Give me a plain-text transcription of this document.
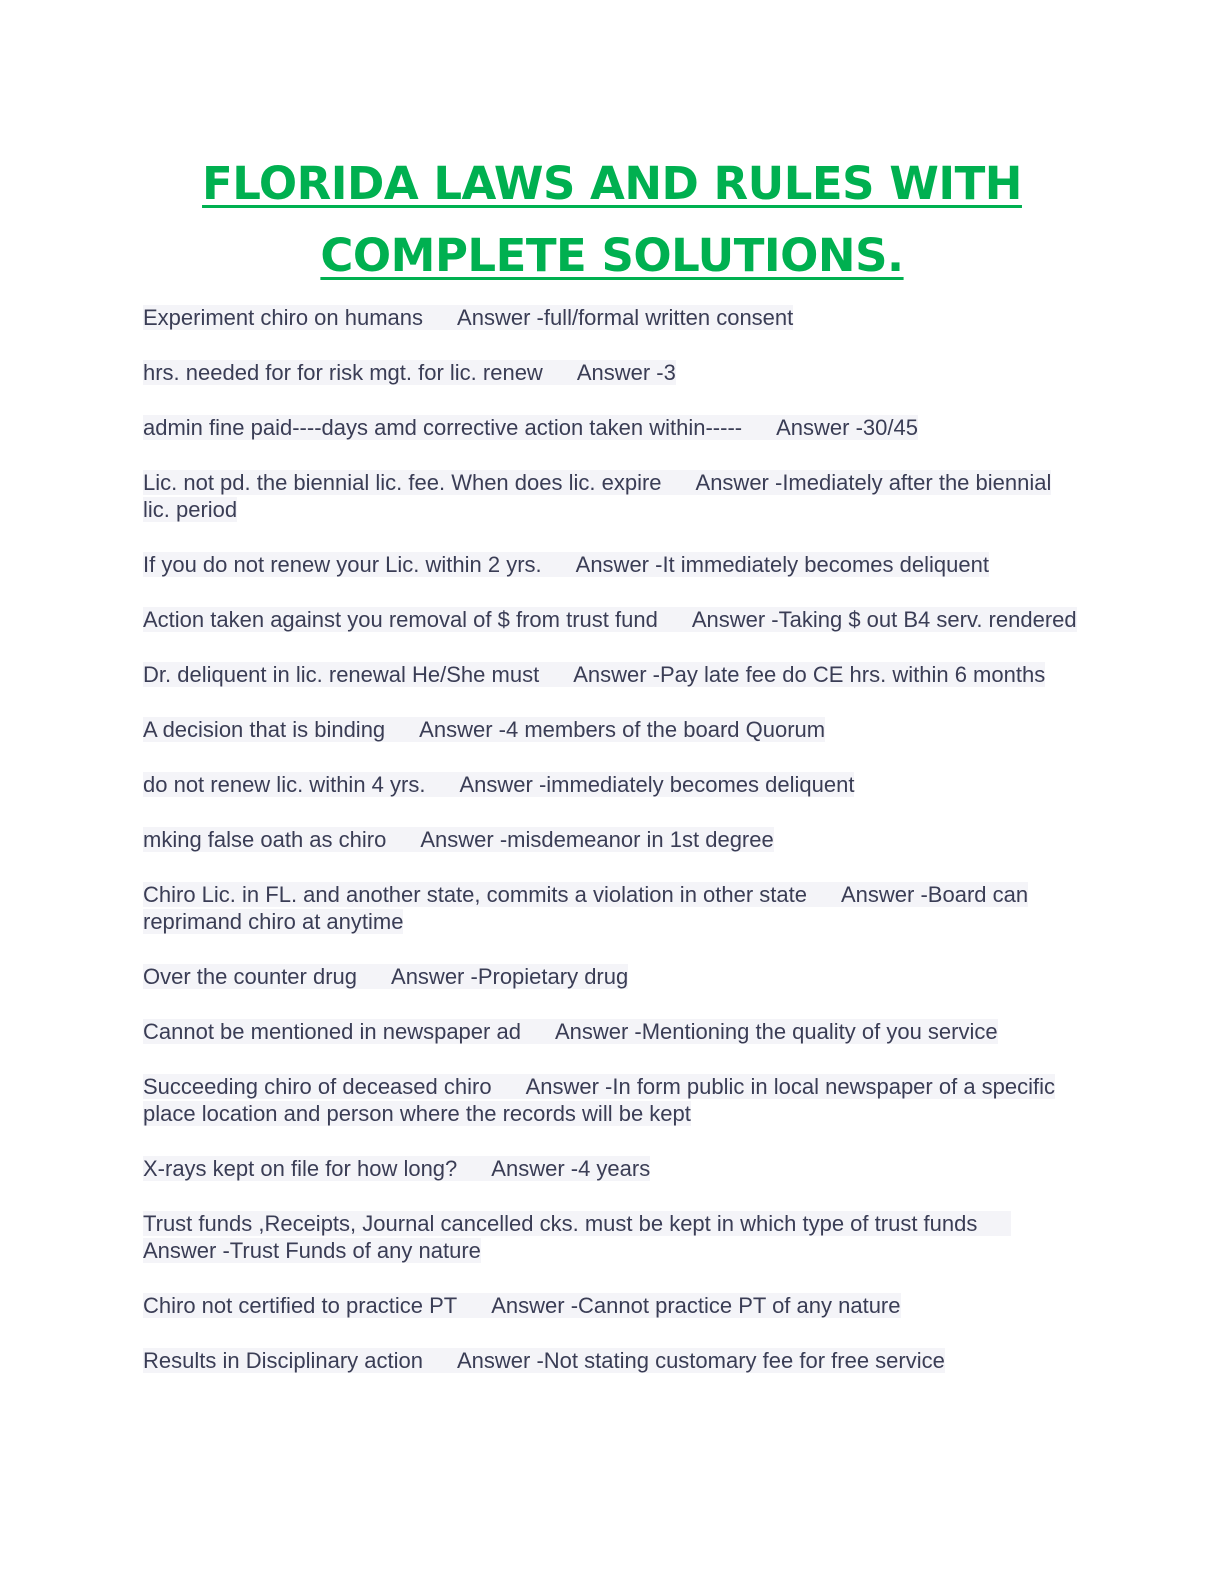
FLORIDA LAWS AND RULES WITH
COMPLETE SOLUTIONS.

Experiment chiro on humans Answer -full/formal written consent

hrs. needed for for risk mgt. for lic. renew Answer -3

admin fine paid----days amd corrective action taken within----- Answer -30/45

Lic. not pd. the biennial lic. fee. When does lic. expire Answer -Imediately after the biennial lic. period

If you do not renew your Lic. within 2 yrs. Answer -It immediately becomes deliquent

Action taken against you removal of $ from trust fund Answer -Taking $ out B4 serv. rendered

Dr. deliquent in lic. renewal He/She must Answer -Pay late fee do CE hrs. within 6 months

A decision that is binding Answer -4 members of the board Quorum

do not renew lic. within 4 yrs. Answer -immediately becomes deliquent

mking false oath as chiro Answer -misdemeanor in 1st degree

Chiro Lic. in FL. and another state, commits a violation in other state Answer -Board can reprimand chiro at anytime

Over the counter drug Answer -Propietary drug

Cannot be mentioned in newspaper ad Answer -Mentioning the quality of you service

Succeeding chiro of deceased chiro Answer -In form public in local newspaper of a specific place location and person where the records will be kept

X-rays kept on file for how long? Answer -4 years

Trust funds ,Receipts, Journal cancelled cks. must be kept in which type of trust fundsAnswer -Trust Funds of any nature

Chiro not certified to practice PT Answer -Cannot practice PT of any nature

Results in Disciplinary action Answer -Not stating customary fee for free service
